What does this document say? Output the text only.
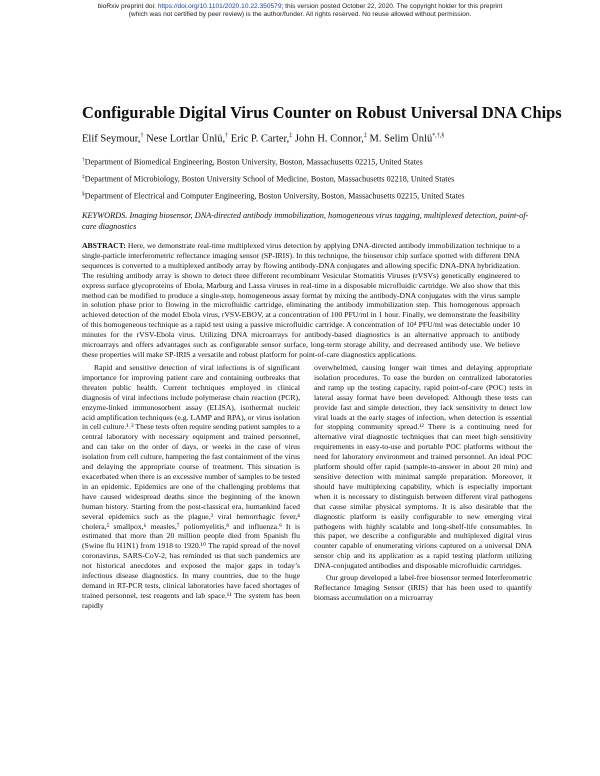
bioRxiv preprint doi: https://doi.org/10.1101/2020.10.22.350579; this version posted October 22, 2020. The copyright holder for this preprint
(which was not certified by peer review) is the author/funder. All rights reserved. No reuse allowed without permission.
Configurable Digital Virus Counter on Robust Universal DNA Chips
Elif Seymour,† Nese Lortlar Ünlü,† Eric P. Carter,‡ John H. Connor,‡ M. Selim Ünlü*,†,§
†Department of Biomedical Engineering, Boston University, Boston, Massachusetts 02215, United States
‡Department of Microbiology, Boston University School of Medicine, Boston, Massachusetts 02218, United States
§Department of Electrical and Computer Engineering, Boston University, Boston, Massachusetts 02215, United States
KEYWORDS. Imaging biosensor, DNA-directed antibody immobilization, homogeneous virus tagging, multiplexed detection, point-of-care diagnostics
ABSTRACT: Here, we demonstrate real-time multiplexed virus detection by applying DNA-directed antibody immobilization technique to a single-particle interferometric reflectance imaging sensor (SP-IRIS). In this technique, the biosensor chip surface spotted with different DNA sequences is converted to a multiplexed antibody array by flowing antibody-DNA conjugates and allowing specific DNA-DNA hybridization. The resulting antibody array is shown to detect three different recombinant Vesicular Stomatitis Viruses (rVSVs) genetically engineered to express surface glycoproteins of Ebola, Marburg and Lassa viruses in real-time in a disposable microfluidic cartridge. We also show that this method can be modified to produce a single-step, homogeneous assay format by mixing the antibody-DNA conjugates with the virus sample in solution phase prior to flowing in the microfluidic cartridge, eliminating the antibody immobilization step. This homogenous approach achieved detection of the model Ebola virus, rVSV-EBOV, at a concentration of 100 PFU/ml in 1 hour. Finally, we demonstrate the feasibility of this homogeneous technique as a rapid test using a passive microfluidic cartridge. A concentration of 10⁴ PFU/ml was detectable under 10 minutes for the rVSV-Ebola virus. Utilizing DNA microarrays for antibody-based diagnostics is an alternative approach to antibody microarrays and offers advantages such as configurable sensor surface, long-term storage ability, and decreased antibody use. We believe these properties will make SP-IRIS a versatile and robust platform for point-of-care diagnostics applications.

Rapid and sensitive detection of viral infections is of significant importance for improving patient care and containing outbreaks that threaten public health. Current techniques employed in clinical diagnosis of viral infections include polymerase chain reaction (PCR), enzyme-linked immunosorbent assay (ELISA), isothermal nucleic acid amplification techniques (e.g. LAMP and RPA), or virus isolation in cell culture.¹˒² These tests often require sending patient samples to a central laboratory with necessary equipment and trained personnel, and can take on the order of days, or weeks in the case of virus isolation from cell culture, hampering the fast containment of the virus and delaying the appropriate course of treatment. This situation is exacerbated when there is an excessive number of samples to be tested in an epidemic. Epidemics are one of the challenging problems that have caused widespread deaths since the beginning of the known human history. Starting from the post-classical era, humankind faced several epidemics such as the plague,³ viral hemorrhagic fever,⁴ cholera,⁵ smallpox,⁶ measles,⁷ poliomyelitis,⁸ and influenza.⁹ It is estimated that more than 20 million people died from Spanish flu (Swine flu H1N1) from 1918 to 1920.¹⁰ The rapid spread of the novel coronavirus, SARS-CoV-2, has reminded us that such pandemics are not historical anecdotes and exposed the major gaps in today’s infectious disease diagnostics. In many countries, due to the huge demand in RT-PCR tests, clinical laboratories have faced shortages of trained personnel, test reagents and lab space.¹¹ The system has been rapidly

overwhelmed, causing longer wait times and delaying appropriate isolation procedures. To ease the burden on centralized laboratories and ramp up the testing capacity, rapid point-of-care (POC) tests in lateral assay format have been developed. Although these tests can provide fast and simple detection, they lack sensitivity to detect low viral loads at the early stages of infection, when detection is essential for stopping community spread.¹² There is a continuing need for alternative viral diagnostic techniques that can meet high sensitivity requirements in easy-to-use and portable POC platforms without the need for laboratory environment and trained personnel. An ideal POC platform should offer rapid (sample-to-answer in about 20 min) and sensitive detection with minimal sample preparation. Moreover, it should have multiplexing capability, which is especially important when it is necessary to distinguish between different viral pathogens that cause similar physical symptoms. It is also desirable that the diagnostic platform is easily configurable to new emerging viral pathogens with highly scalable and long-shelf-life consumables. In this paper, we describe a configurable and multiplexed digital virus counter capable of enumerating virions captured on a universal DNA sensor chip and its application as a rapid testing platform utilizing DNA-conjugated antibodies and disposable microfluidic cartridges.

Our group developed a label-free biosensor termed Interferometric Reflectance Imaging Sensor (IRIS) that has been used to quantify biomass accumulation on a microarray
